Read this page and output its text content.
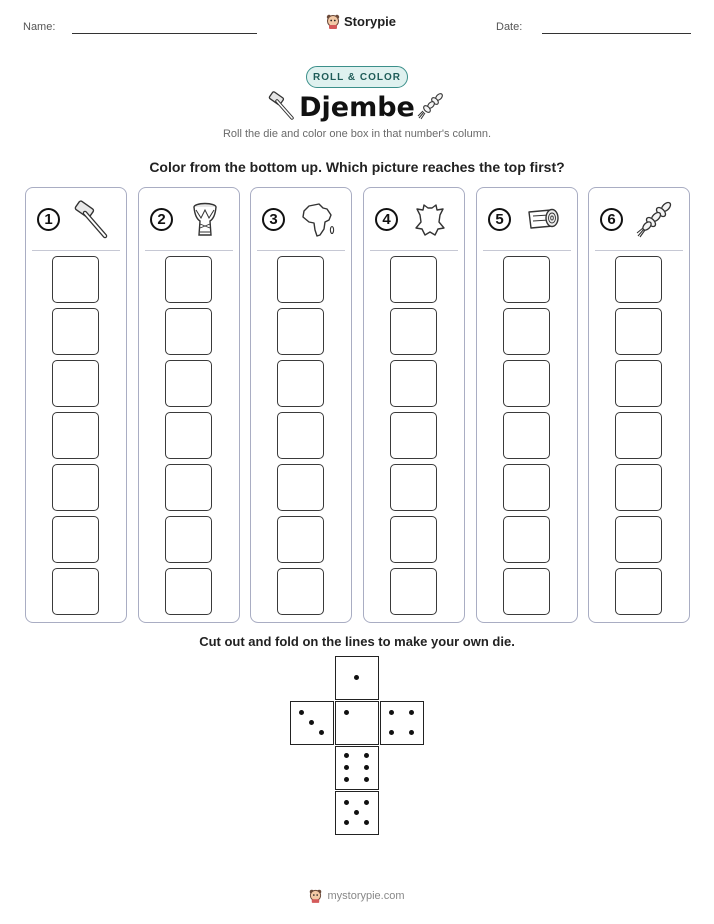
Name:	Storypie	Date:
ROLL & COLOR
Djembe
Roll the die and color one box in that number's column.
Color from the bottom up. Which picture reaches the top first?
1	2	3	4	5	6
Cut out and fold on the lines to make your own die.
mystorypie.com
